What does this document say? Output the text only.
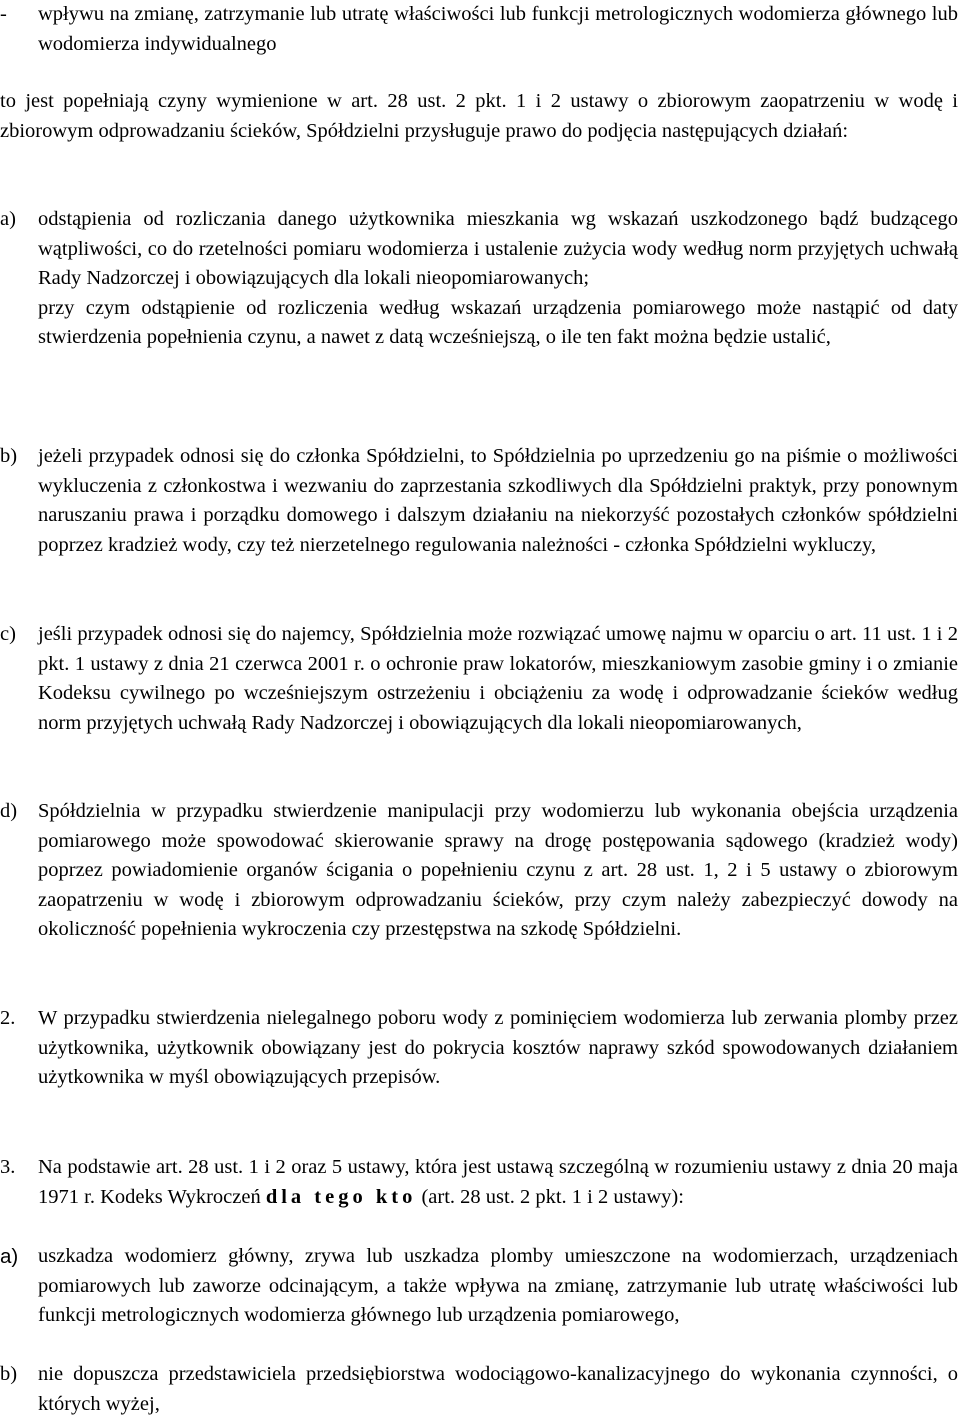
-	wpływu na zmianę, zatrzymanie lub utratę właściwości lub funkcji metrologicznych wodomierza głównego lub wodomierza indywidualnego

to jest popełniają czyny wymienione w art. 28 ust. 2 pkt. 1 i 2 ustawy o zbiorowym zaopatrzeniu w wodę i zbiorowym odprowadzaniu ścieków, Spółdzielni przysługuje prawo do podjęcia następujących działań:

a)	odstąpienia od rozliczania danego użytkownika mieszkania wg wskazań uszkodzonego bądź budzącego wątpliwości, co do rzetelności pomiaru wodomierza i ustalenie zużycia wody według norm przyjętych uchwałą Rady Nadzorczej i obowiązujących dla lokali nieopomiarowanych;

przy czym odstąpienie od rozliczenia według wskazań urządzenia pomiarowego może nastąpić od daty stwierdzenia popełnienia czynu, a nawet z datą wcześniejszą, o ile ten fakt można będzie ustalić,

b)	jeżeli przypadek odnosi się do członka Spółdzielni, to Spółdzielnia po uprzedzeniu go na piśmie o możliwości wykluczenia z członkostwa i wezwaniu do zaprzestania szkodliwych dla Spółdzielni praktyk, przy ponownym naruszaniu prawa i porządku domowego i dalszym działaniu na niekorzyść pozostałych członków spółdzielni poprzez kradzież wody, czy też nierzetelnego regulowania należności - członka Spółdzielni wykluczy,

c)	jeśli przypadek odnosi się do najemcy, Spółdzielnia może rozwiązać umowę najmu w oparciu o art. 11 ust. 1 i 2 pkt. 1 ustawy z dnia 21 czerwca 2001 r. o ochronie praw lokatorów, mieszkaniowym zasobie gminy i o zmianie Kodeksu cywilnego po wcześniejszym ostrzeżeniu i obciążeniu za wodę i odprowadzanie ścieków według norm przyjętych uchwałą Rady Nadzorczej i obowiązujących dla lokali nieopomiarowanych,

d)	Spółdzielnia w przypadku stwierdzenie manipulacji przy wodomierzu lub wykonania obejścia urządzenia pomiarowego może spowodować skierowanie sprawy na drogę postępowania sądowego (kradzież wody) poprzez powiadomienie organów ścigania o popełnieniu czynu z art. 28 ust. 1, 2 i 5 ustawy o zbiorowym zaopatrzeniu w wodę i zbiorowym odprowadzaniu ścieków, przy czym należy zabezpieczyć dowody na okoliczność popełnienia wykroczenia czy przestępstwa na szkodę Spółdzielni.

2.	W przypadku stwierdzenia nielegalnego poboru wody z pominięciem wodomierza lub zerwania plomby przez użytkownika, użytkownik obowiązany jest do pokrycia kosztów naprawy szkód spowodowanych działaniem użytkownika w myśl obowiązujących przepisów.

3.	Na podstawie art. 28 ust. 1 i 2 oraz 5 ustawy, która jest ustawą szczególną w rozumieniu ustawy z dnia 20 maja 1971 r. Kodeks Wykroczeń dla tego kto (art. 28 ust. 2 pkt. 1 i 2 ustawy):

a) uszkadza wodomierz główny, zrywa lub uszkadza plomby umieszczone na wodomierzach, urządzeniach pomiarowych lub zaworze odcinającym, a także wpływa na zmianę, zatrzymanie lub utratę właściwości lub funkcji metrologicznych wodomierza głównego lub urządzenia pomiarowego,

b)	nie dopuszcza przedstawiciela przedsiębiorstwa wodociągowo-kanalizacyjnego do wykonania czynności, o których wyżej,
